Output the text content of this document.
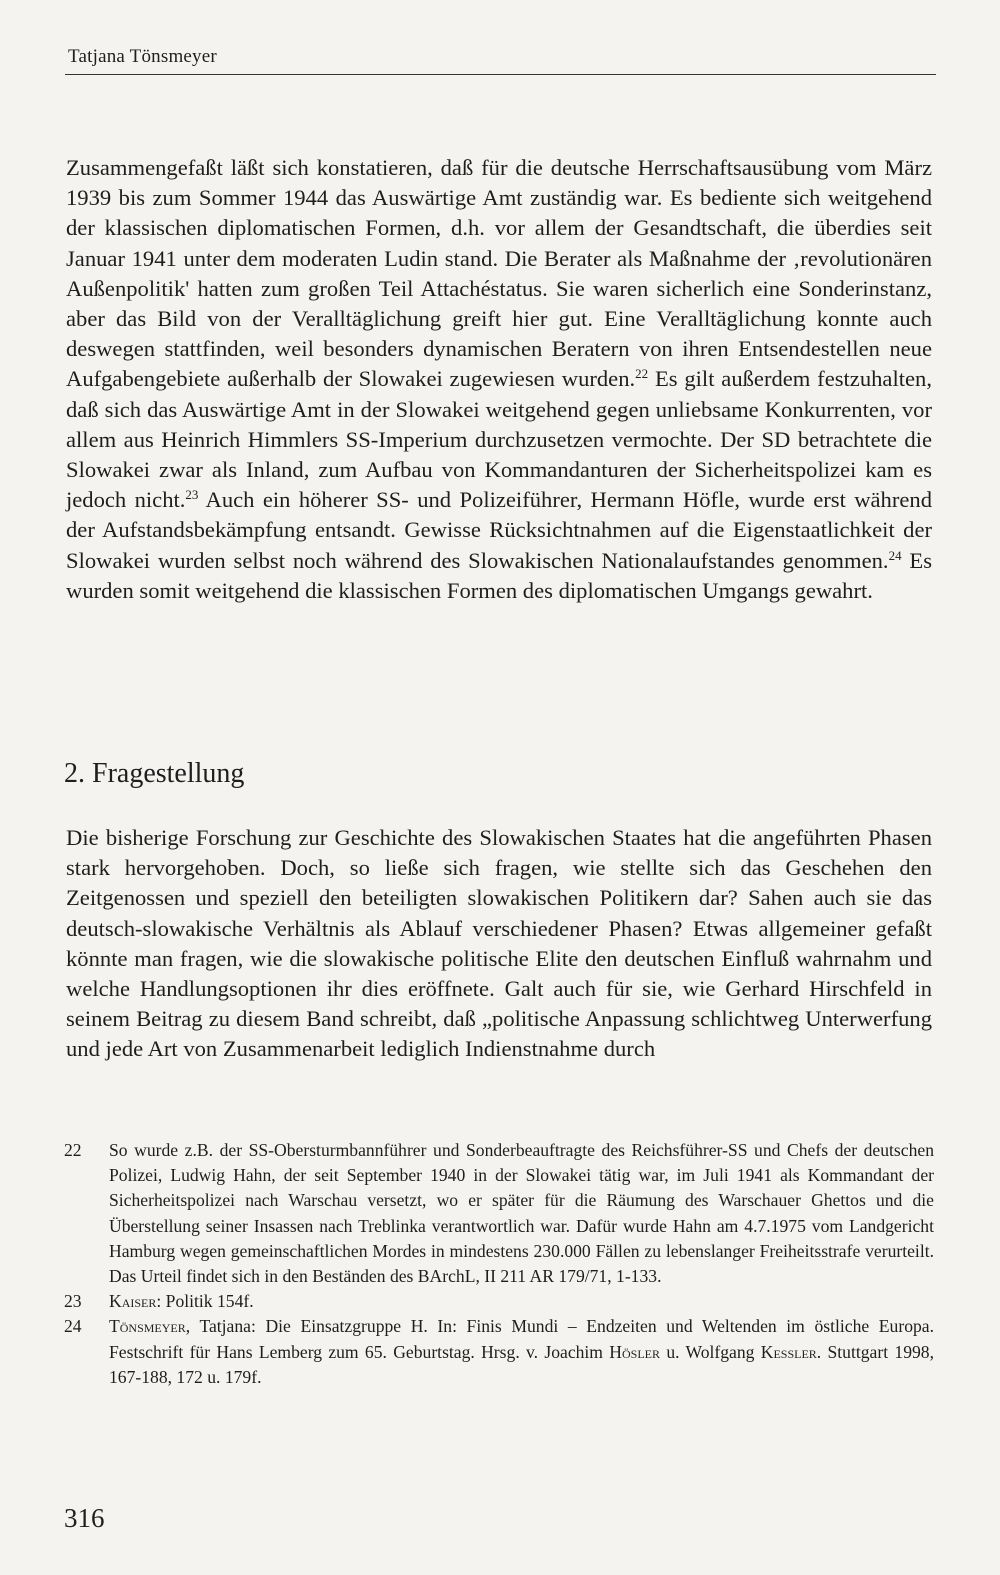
Tatjana Tönsmeyer

Zusammengefaßt läßt sich konstatieren, daß für die deutsche Herrschaftsausübung vom März 1939 bis zum Sommer 1944 das Auswärtige Amt zuständig war. Es bediente sich weitgehend der klassischen diplomatischen Formen, d.h. vor allem der Gesandtschaft, die überdies seit Januar 1941 unter dem moderaten Ludin stand. Die Berater als Maßnahme der ‚revolutionären Außenpolitik' hatten zum großen Teil Attachéstatus. Sie waren sicherlich eine Sonderinstanz, aber das Bild von der Veralltäglichung greift hier gut. Eine Veralltäglichung konnte auch deswegen stattfinden, weil besonders dynamischen Beratern von ihren Entsendestellen neue Aufgabengebiete außerhalb der Slowakei zugewiesen wurden.$^{22}$ Es gilt außerdem festzuhalten, daß sich das Auswärtige Amt in der Slowakei weitgehend gegen unliebsame Konkurrenten, vor allem aus Heinrich Himmlers SS-Imperium durchzusetzen vermochte. Der SD betrachtete die Slowakei zwar als Inland, zum Aufbau von Kommandanturen der Sicherheitspolizei kam es jedoch nicht.$^{23}$ Auch ein höherer SS- und Polizeiführer, Hermann Höfle, wurde erst während der Aufstandsbekämpfung entsandt. Gewisse Rücksichtnahmen auf die Eigenstaatlichkeit der Slowakei wurden selbst noch während des Slowakischen Nationalaufstandes genommen.$^{24}$ Es wurden somit weitgehend die klassischen Formen des diplomatischen Umgangs gewahrt.

2. Fragestellung

Die bisherige Forschung zur Geschichte des Slowakischen Staates hat die angeführten Phasen stark hervorgehoben. Doch, so ließe sich fragen, wie stellte sich das Geschehen den Zeitgenossen und speziell den beteiligten slowakischen Politikern dar? Sahen auch sie das deutsch-slowakische Verhältnis als Ablauf verschiedener Phasen? Etwas allgemeiner gefaßt könnte man fragen, wie die slowakische politische Elite den deutschen Einfluß wahrnahm und welche Handlungsoptionen ihr dies eröffnete. Galt auch für sie, wie Gerhard Hirschfeld in seinem Beitrag zu diesem Band schreibt, daß „politische Anpassung schlichtweg Unterwerfung und jede Art von Zusammenarbeit lediglich Indienstnahme durch

22	So wurde z.B. der SS-Obersturmbannführer und Sonderbeauftragte des Reichsführer-SS und Chefs der deutschen Polizei, Ludwig Hahn, der seit September 1940 in der Slowakei tätig war, im Juli 1941 als Kommandant der Sicherheitspolizei nach Warschau versetzt, wo er später für die Räumung des Warschauer Ghettos und die Überstellung seiner Insassen nach Treblinka verantwortlich war. Dafür wurde Hahn am 4.7.1975 vom Landgericht Hamburg wegen gemeinschaftlichen Mordes in mindestens 230.000 Fällen zu lebenslanger Freiheitsstrafe verurteilt. Das Urteil findet sich in den Beständen des BArchL, II 211 AR 179/71, 1-133.
23	Kaiser: Politik 154f.
24	Tönsmeyer, Tatjana: Die Einsatzgruppe H. In: Finis Mundi – Endzeiten und Weltenden im östliche Europa. Festschrift für Hans Lemberg zum 65. Geburtstag. Hrsg. v. Joachim Hösler u. Wolfgang Kessler. Stuttgart 1998, 167-188, 172 u. 179f.
316
